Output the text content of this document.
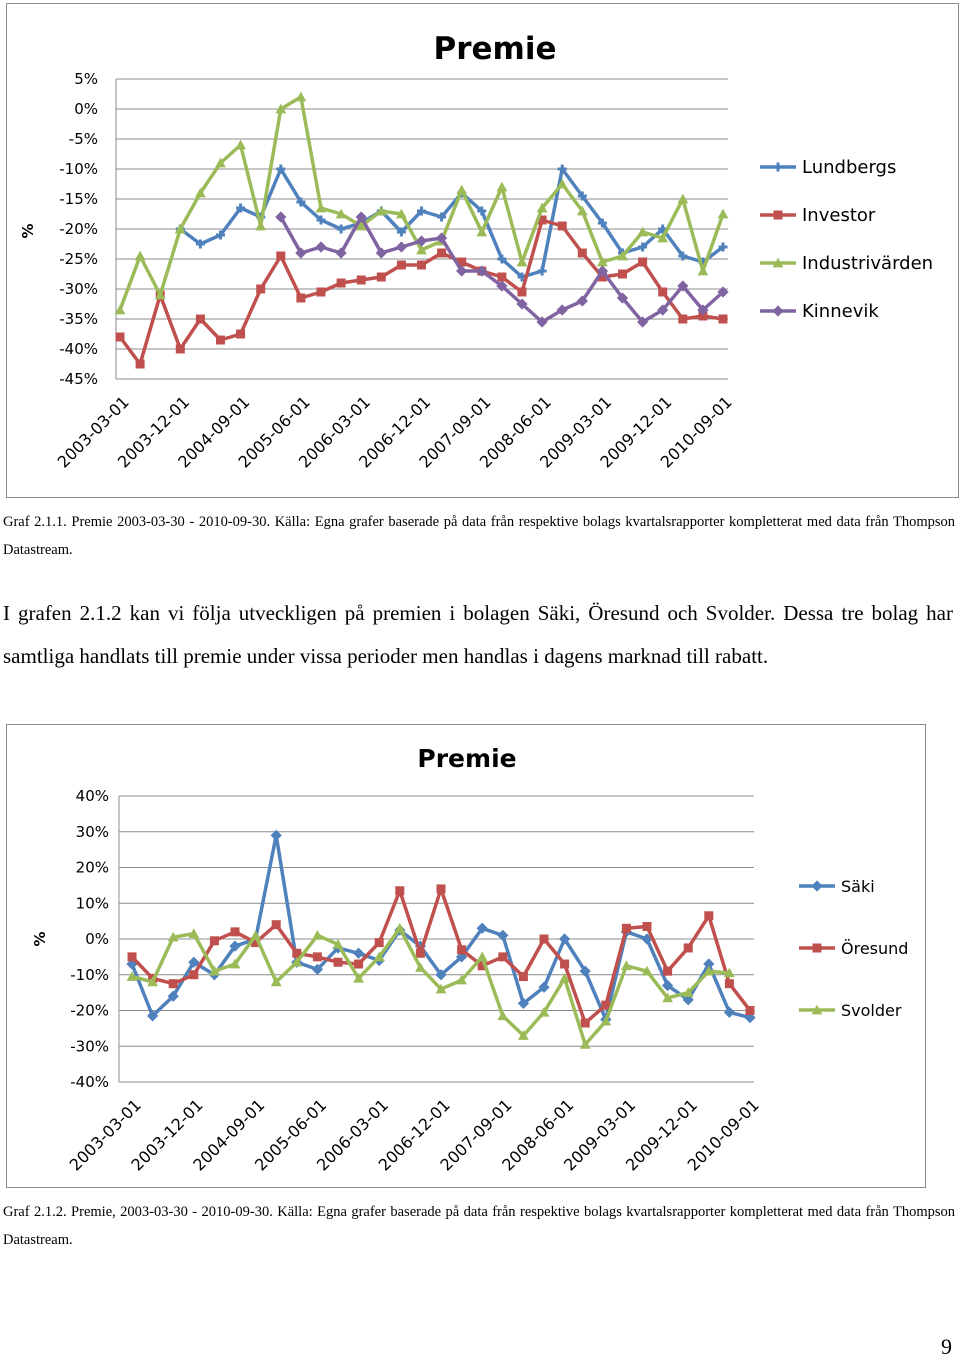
Premie
%
5%
0%
-5%
-10%
-15%
-20%
-25%
-30%
-35%
-40%
-45%
2003-03-01
2003-12-01
2004-09-01
2005-06-01
2006-03-01
2006-12-01
2007-09-01
2008-06-01
2009-03-01
2009-12-01
2010-09-01
Lundbergs
Investor
Industrivärden
Kinnevik
Graf 2.1.1. Premie 2003-03-30 - 2010-09-30. Källa: Egna grafer baserade på data från respektive bolags kvartalsrapporter kompletterat med data från Thompson Datastream.
I grafen 2.1.2 kan vi följa utveckligen på premien i bolagen Säki, Öresund och Svolder. Dessa tre bolag har samtliga handlats till premie under vissa perioder men handlas i dagens marknad till rabatt.
Premie
%
40%
30%
20%
10%
0%
-10%
-20%
-30%
-40%
2003-03-01
2003-12-01
2004-09-01
2005-06-01
2006-03-01
2006-12-01
2007-09-01
2008-06-01
2009-03-01
2009-12-01
2010-09-01
Säki
Öresund
Svolder
Graf 2.1.2. Premie, 2003-03-30 - 2010-09-30. Källa: Egna grafer baserade på data från respektive bolags kvartalsrapporter kompletterat med data från Thompson Datastream.
9
